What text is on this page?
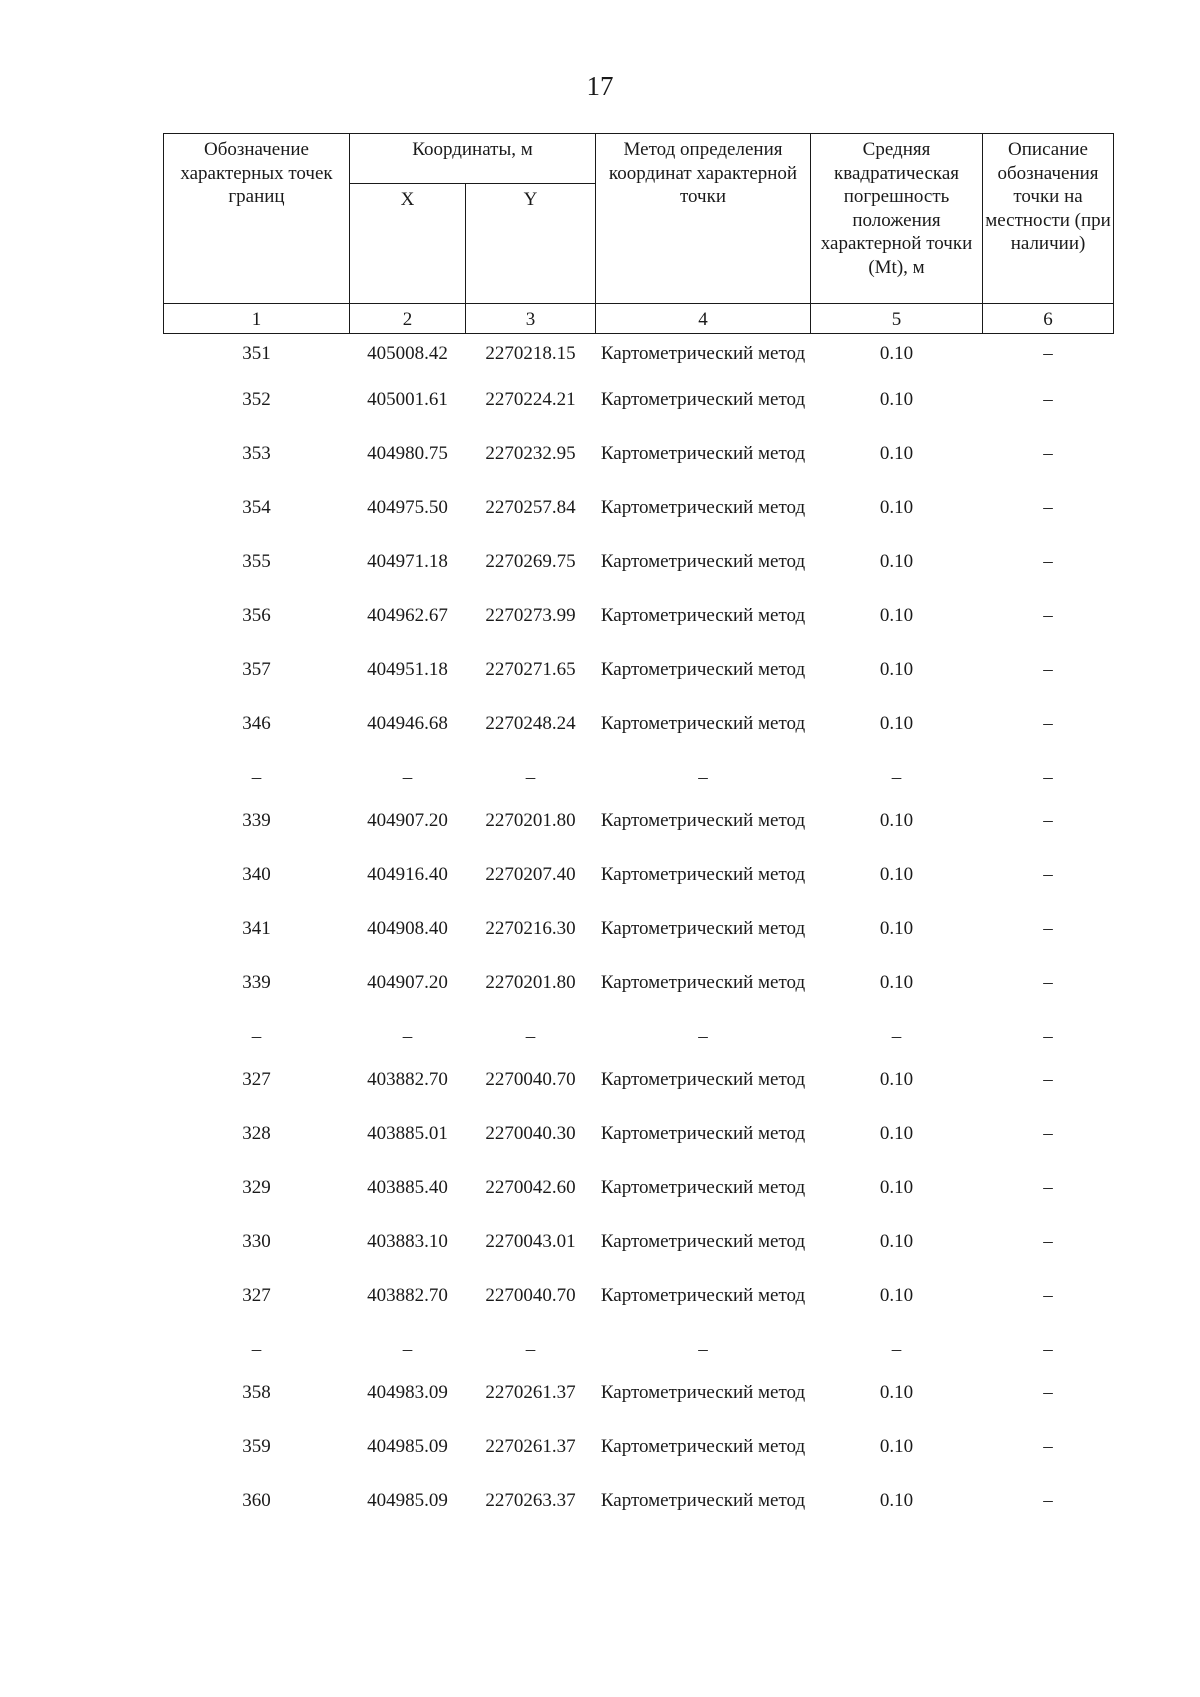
17
Обозначение характерных точек границ	Координаты, м		Метод определения координат характерной точки	Средняя квадратическая погрешность положения характерной точки (Mt), м	Описание обозначения точки на местности (при наличии)
	X	Y			
1	2	3	4	5	6
351	405008.42	2270218.15	Картометрический метод	0.10	–
352	405001.61	2270224.21	Картометрический метод	0.10	–
353	404980.75	2270232.95	Картометрический метод	0.10	–
354	404975.50	2270257.84	Картометрический метод	0.10	–
355	404971.18	2270269.75	Картометрический метод	0.10	–
356	404962.67	2270273.99	Картометрический метод	0.10	–
357	404951.18	2270271.65	Картометрический метод	0.10	–
346	404946.68	2270248.24	Картометрический метод	0.10	–
–	–	–	–	–	–
339	404907.20	2270201.80	Картометрический метод	0.10	–
340	404916.40	2270207.40	Картометрический метод	0.10	–
341	404908.40	2270216.30	Картометрический метод	0.10	–
339	404907.20	2270201.80	Картометрический метод	0.10	–
–	–	–	–	–	–
327	403882.70	2270040.70	Картометрический метод	0.10	–
328	403885.01	2270040.30	Картометрический метод	0.10	–
329	403885.40	2270042.60	Картометрический метод	0.10	–
330	403883.10	2270043.01	Картометрический метод	0.10	–
327	403882.70	2270040.70	Картометрический метод	0.10	–
–	–	–	–	–	–
358	404983.09	2270261.37	Картометрический метод	0.10	–
359	404985.09	2270261.37	Картометрический метод	0.10	–
360	404985.09	2270263.37	Картометрический метод	0.10	–
